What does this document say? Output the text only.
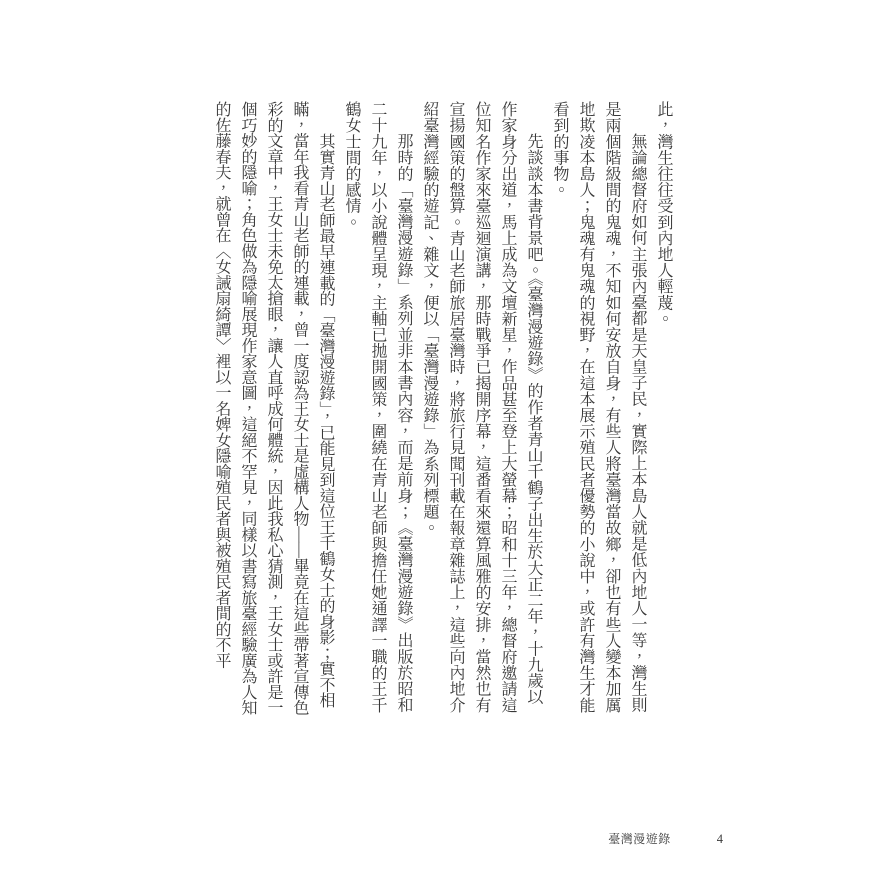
此，灣生往往受到內地人輕蔑。

無論總督府如何主張內臺都是天皇子民，實際上本島人就是低內地人一等，灣生則是兩個階級間的鬼魂，不知如何安放自身，有些人將臺灣當故鄉，卻也有些人變本加厲地欺凌本島人；鬼魂有鬼魂的視野，在這本展示殖民者優勢的小說中，或許有灣生才能看到的事物。

先談談本書背景吧。《臺灣漫遊錄》的作者青山千鶴子出生於大正二年，十九歲以作家身分出道，馬上成為文壇新星，作品甚至登上大螢幕；昭和十三年，總督府邀請這位知名作家來臺巡迴演講，那時戰爭已揭開序幕，這番看來還算風雅的安排，當然也有宣揚國策的盤算。青山老師旅居臺灣時，將旅行見聞刊載在報章雜誌上，這些向內地介紹臺灣經驗的遊記、雜文，便以「臺灣漫遊錄」為系列標題。

那時的「臺灣漫遊錄」系列並非本書內容，而是前身；《臺灣漫遊錄》出版於昭和二十九年，以小說體呈現，主軸已拋開國策，圍繞在青山老師與擔任她通譯一職的王千鶴女士間的感情。

其實青山老師最早連載的「臺灣漫遊錄」，已能見到這位王千鶴女士的身影；實不相瞞，當年我看青山老師的連載，曾一度認為王女士是虛構人物——畢竟在這些帶著宣傳色彩的文章中，王女士未免太搶眼，讓人直呼成何體統，因此我私心猜測，王女士或許是一個巧妙的隱喻；角色做為隱喻展現作家意圖，這絕不罕見，同樣以書寫旅臺經驗廣為人知的佐藤春夫，就曾在〈女誡扇綺譚〉裡以一名婢女隱喻殖民者與被殖民者間的不平

臺灣漫遊錄	4
